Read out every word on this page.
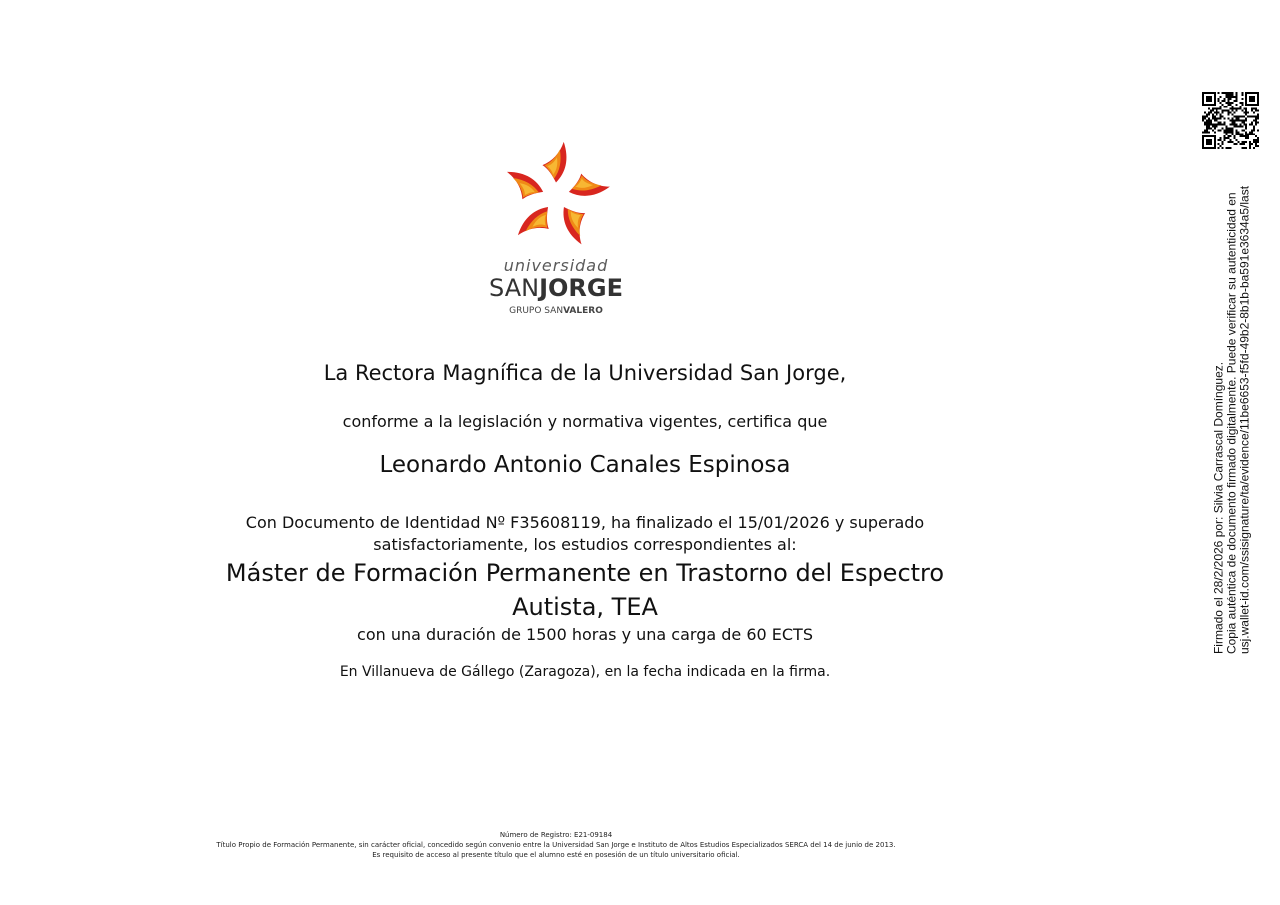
universidad
SANJORGE
GRUPO SANVALERO
La Rectora Magnífica de la Universidad San Jorge,
conforme a la legislación y normativa vigentes, certifica que
Leonardo Antonio Canales Espinosa
Con Documento de Identidad Nº F35608119, ha finalizado el 15/01/2026 y superado satisfactoriamente, los estudios correspondientes al:
Máster de Formación Permanente en Trastorno del Espectro Autista, TEA
con una duración de 1500 horas y una carga de 60 ECTS
En Villanueva de Gállego (Zaragoza), en la fecha indicada en la firma.
Número de Registro: E21-09184
Título Propio de Formación Permanente, sin carácter oficial, concedido según convenio entre la Universidad San Jorge e Instituto de Altos Estudios Especializados SERCA del 14 de junio de 2013.
Es requisito de acceso al presente título que el alumno esté en posesión de un título universitario oficial.
Firmado el 28/2/2026 por: Silvia Carrascal Domínguez. Copia auténtica de documento firmado digitalmente. Puede verificar su autenticidad en usj.wallet-id.com/ssisignature/ta/evidence/11be6653-f5fd-49b2-8b1b-ba591e3634a5/last
